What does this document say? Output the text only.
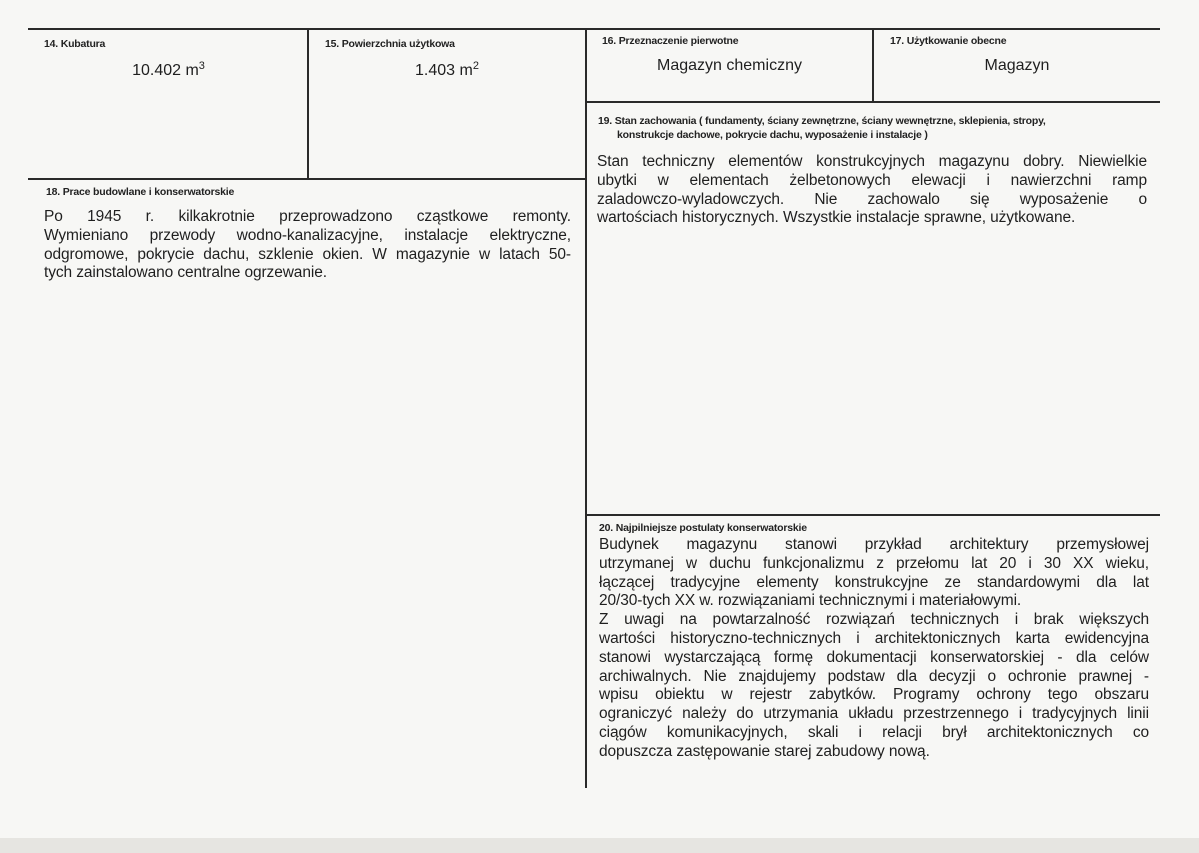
14. Kubatura
10.402 $m^3$
15. Powierzchnia użytkowa
1.403 $m^2$
16. Przeznaczenie pierwotne
Magazyn chemiczny
17. Użytkowanie obecne
Magazyn
18. Prace budowlane i konserwatorskie
Po 1945 r. kilkakrotnie przeprowadzono cząstkowe remonty.
Wymieniano przewody wodno-kanalizacyjne, instalacje elektryczne,
odgromowe, pokrycie dachu, szklenie okien. W magazynie w latach 50-
tych zainstalowano centralne ogrzewanie.
19. Stan zachowania ( fundamenty, ściany zewnętrzne, ściany wewnętrzne, sklepienia, stropy,
konstrukcje dachowe, pokrycie dachu, wyposażenie i instalacje )
Stan techniczny elementów konstrukcyjnych magazynu dobry. Niewielkie
ubytki w elementach żelbetonowych elewacji i nawierzchni ramp
zaladowczo-wyladowczych. Nie zachowalo się wyposażenie o
wartościach historycznych. Wszystkie instalacje sprawne, użytkowane.
20. Najpilniejsze postulaty konserwatorskie
Budynek magazynu stanowi przykład architektury przemysłowej
utrzymanej w duchu funkcjonalizmu z przełomu lat 20 i 30 XX wieku,
łączącej tradycyjne elementy konstrukcyjne ze standardowymi dla lat
20/30-tych XX w. rozwiązaniami technicznymi i materiałowymi.
Z uwagi na powtarzalność rozwiązań technicznych i brak większych
wartości historyczno-technicznych i architektonicznych karta ewidencyjna
stanowi wystarczającą formę dokumentacji konserwatorskiej - dla celów
archiwalnych. Nie znajdujemy podstaw dla decyzji o ochronie prawnej -
wpisu obiektu w rejestr zabytków. Programy ochrony tego obszaru
ograniczyć należy do utrzymania układu przestrzennego i tradycyjnych linii
ciągów komunikacyjnych, skali i relacji brył architektonicznych co
dopuszcza zastępowanie starej zabudowy nową.
